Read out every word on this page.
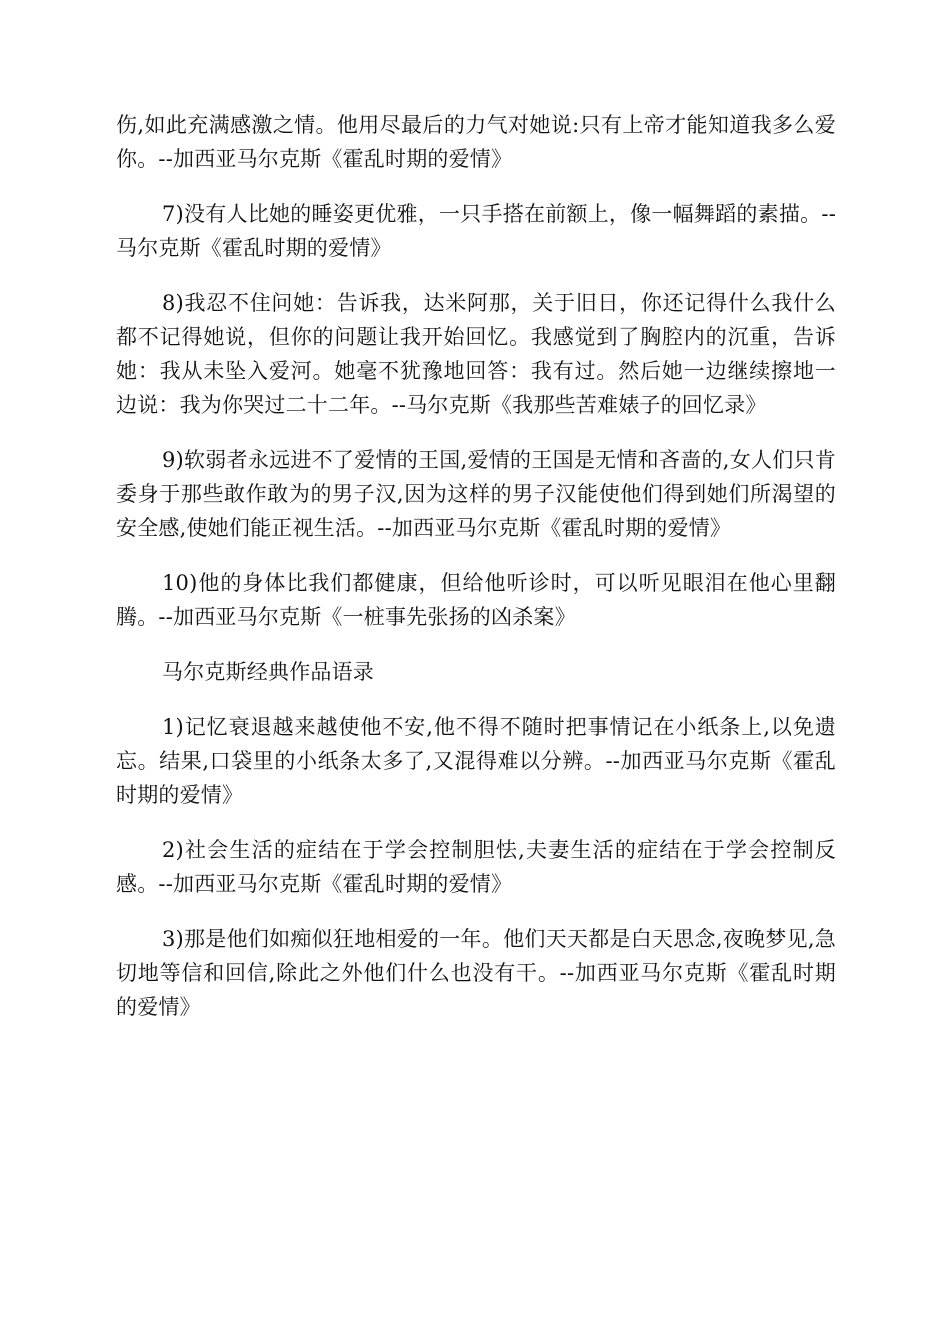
伤,如此充满感激之情。他用尽最后的力气对她说:只有上帝才能知道我多么爱你。--加西亚马尔克斯《霍乱时期的爱情》

7)没有人比她的睡姿更优雅，一只手搭在前额上，像一幅舞蹈的素描。--马尔克斯《霍乱时期的爱情》

8)我忍不住问她：告诉我，达米阿那，关于旧日，你还记得什么我什么都不记得她说，但你的问题让我开始回忆。我感觉到了胸腔内的沉重，告诉她：我从未坠入爱河。她毫不犹豫地回答：我有过。然后她一边继续擦地一边说：我为你哭过二十二年。--马尔克斯《我那些苦难婊子的回忆录》

9)软弱者永远进不了爱情的王国,爱情的王国是无情和吝啬的,女人们只肯委身于那些敢作敢为的男子汉,因为这样的男子汉能使他们得到她们所渴望的安全感,使她们能正视生活。--加西亚马尔克斯《霍乱时期的爱情》

10)他的身体比我们都健康，但给他听诊时，可以听见眼泪在他心里翻腾。--加西亚马尔克斯《一桩事先张扬的凶杀案》

马尔克斯经典作品语录

1)记忆衰退越来越使他不安,他不得不随时把事情记在小纸条上,以免遗忘。结果,口袋里的小纸条太多了,又混得难以分辨。--加西亚马尔克斯《霍乱时期的爱情》

2)社会生活的症结在于学会控制胆怯,夫妻生活的症结在于学会控制反感。--加西亚马尔克斯《霍乱时期的爱情》

3)那是他们如痴似狂地相爱的一年。他们天天都是白天思念,夜晚梦见,急切地等信和回信,除此之外他们什么也没有干。--加西亚马尔克斯《霍乱时期的爱情》
